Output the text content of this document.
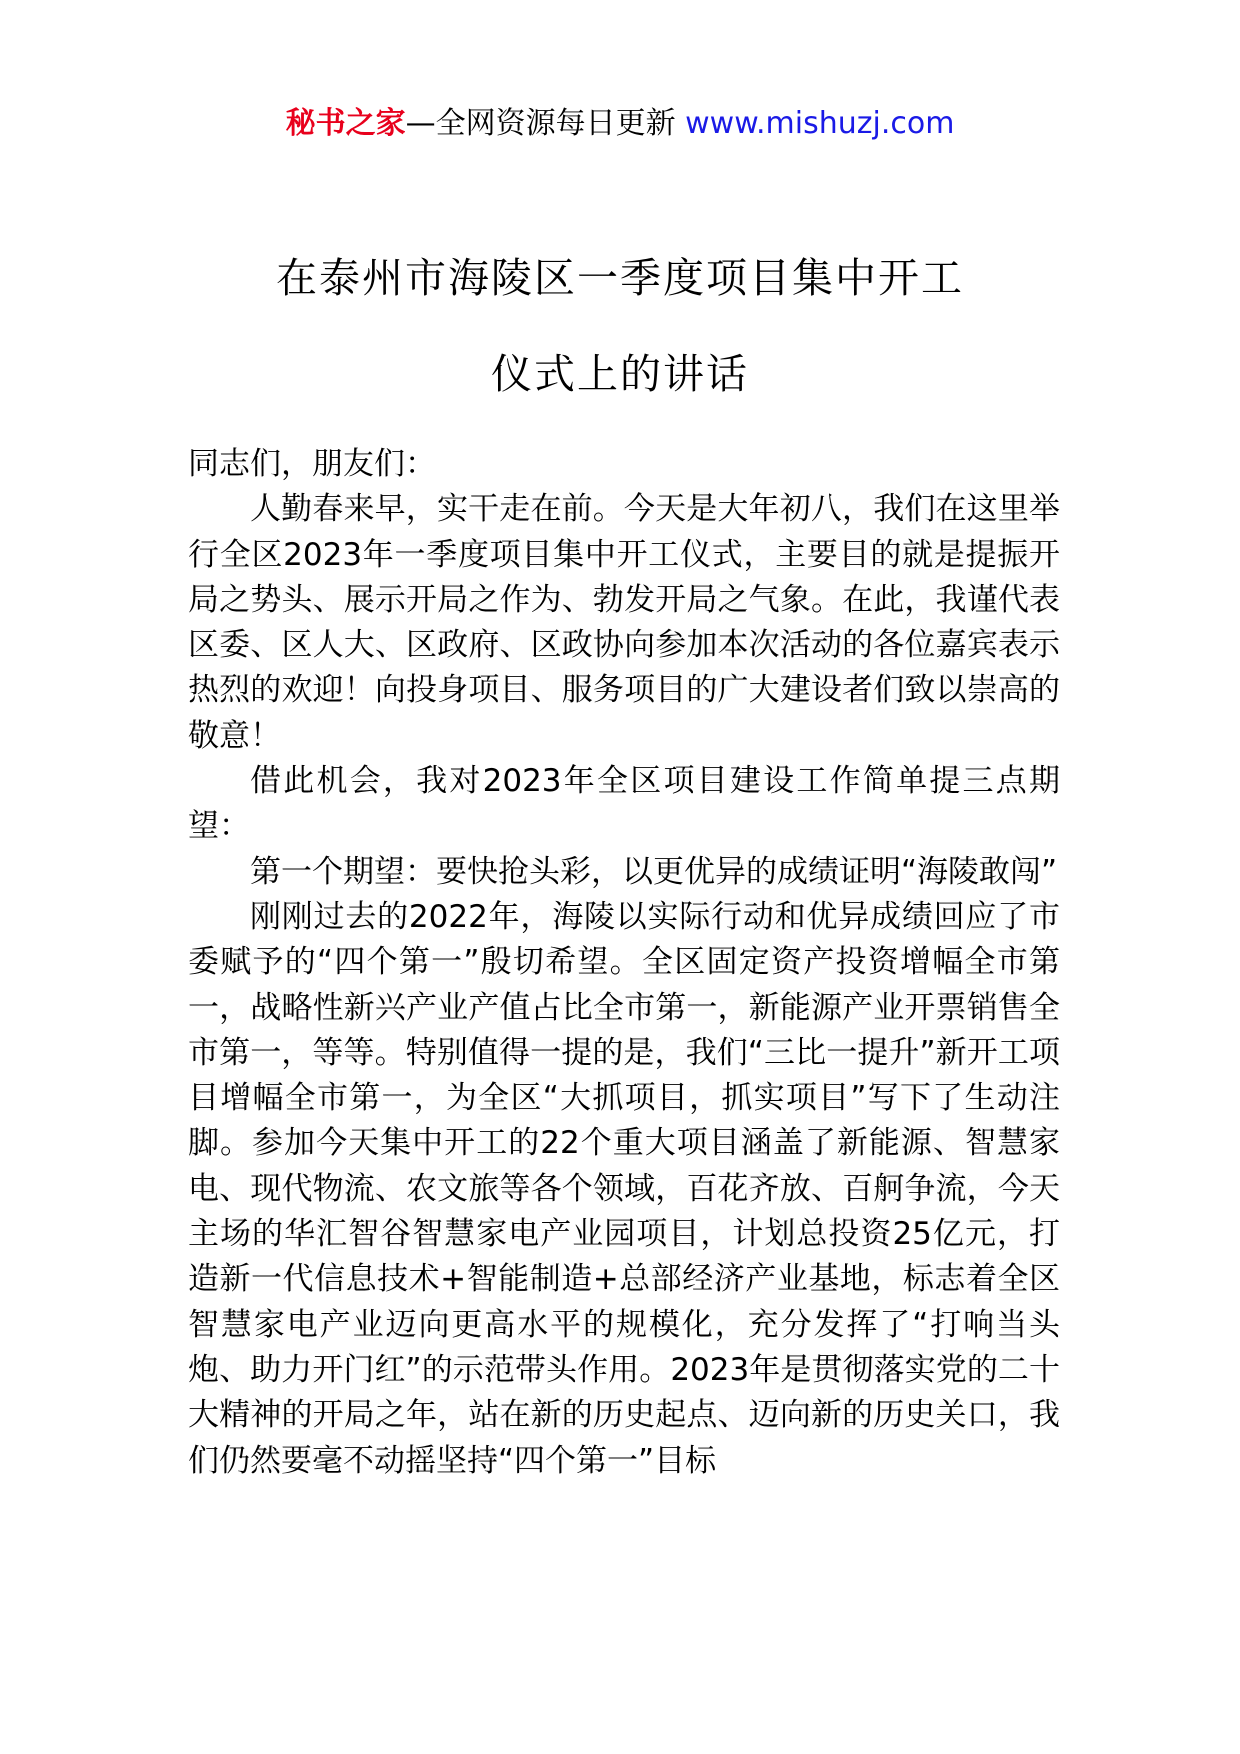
秘书之家—全网资源每日更新 www.mishuzj.com
在泰州市海陵区一季度项目集中开工
仪式上的讲话

同志们，朋友们：

人勤春来早，实干走在前。今天是大年初八，我们在这里举行全区2023年一季度项目集中开工仪式，主要目的就是提振开局之势头、展示开局之作为、勃发开局之气象。在此，我谨代表区委、区人大、区政府、区政协向参加本次活动的各位嘉宾表示热烈的欢迎！向投身项目、服务项目的广大建设者们致以崇高的敬意！

借此机会，我对2023年全区项目建设工作简单提三点期望：

第一个期望：要快抢头彩，以更优异的成绩证明“海陵敢闯”

刚刚过去的2022年，海陵以实际行动和优异成绩回应了市委赋予的“四个第一”殷切希望。全区固定资产投资增幅全市第一，战略性新兴产业产值占比全市第一，新能源产业开票销售全市第一，等等。特别值得一提的是，我们“三比一提升”新开工项目增幅全市第一，为全区“大抓项目，抓实项目”写下了生动注脚。参加今天集中开工的22个重大项目涵盖了新能源、智慧家电、现代物流、农文旅等各个领域，百花齐放、百舸争流，今天主场的华汇智谷智慧家电产业园项目，计划总投资25亿元，打造新一代信息技术+智能制造+总部经济产业基地，标志着全区智慧家电产业迈向更高水平的规模化，充分发挥了“打响当头炮、助力开门红”的示范带头作用。2023年是贯彻落实党的二十大精神的开局之年，站在新的历史起点、迈向新的历史关口，我们仍然要毫不动摇坚持“四个第一”目标
